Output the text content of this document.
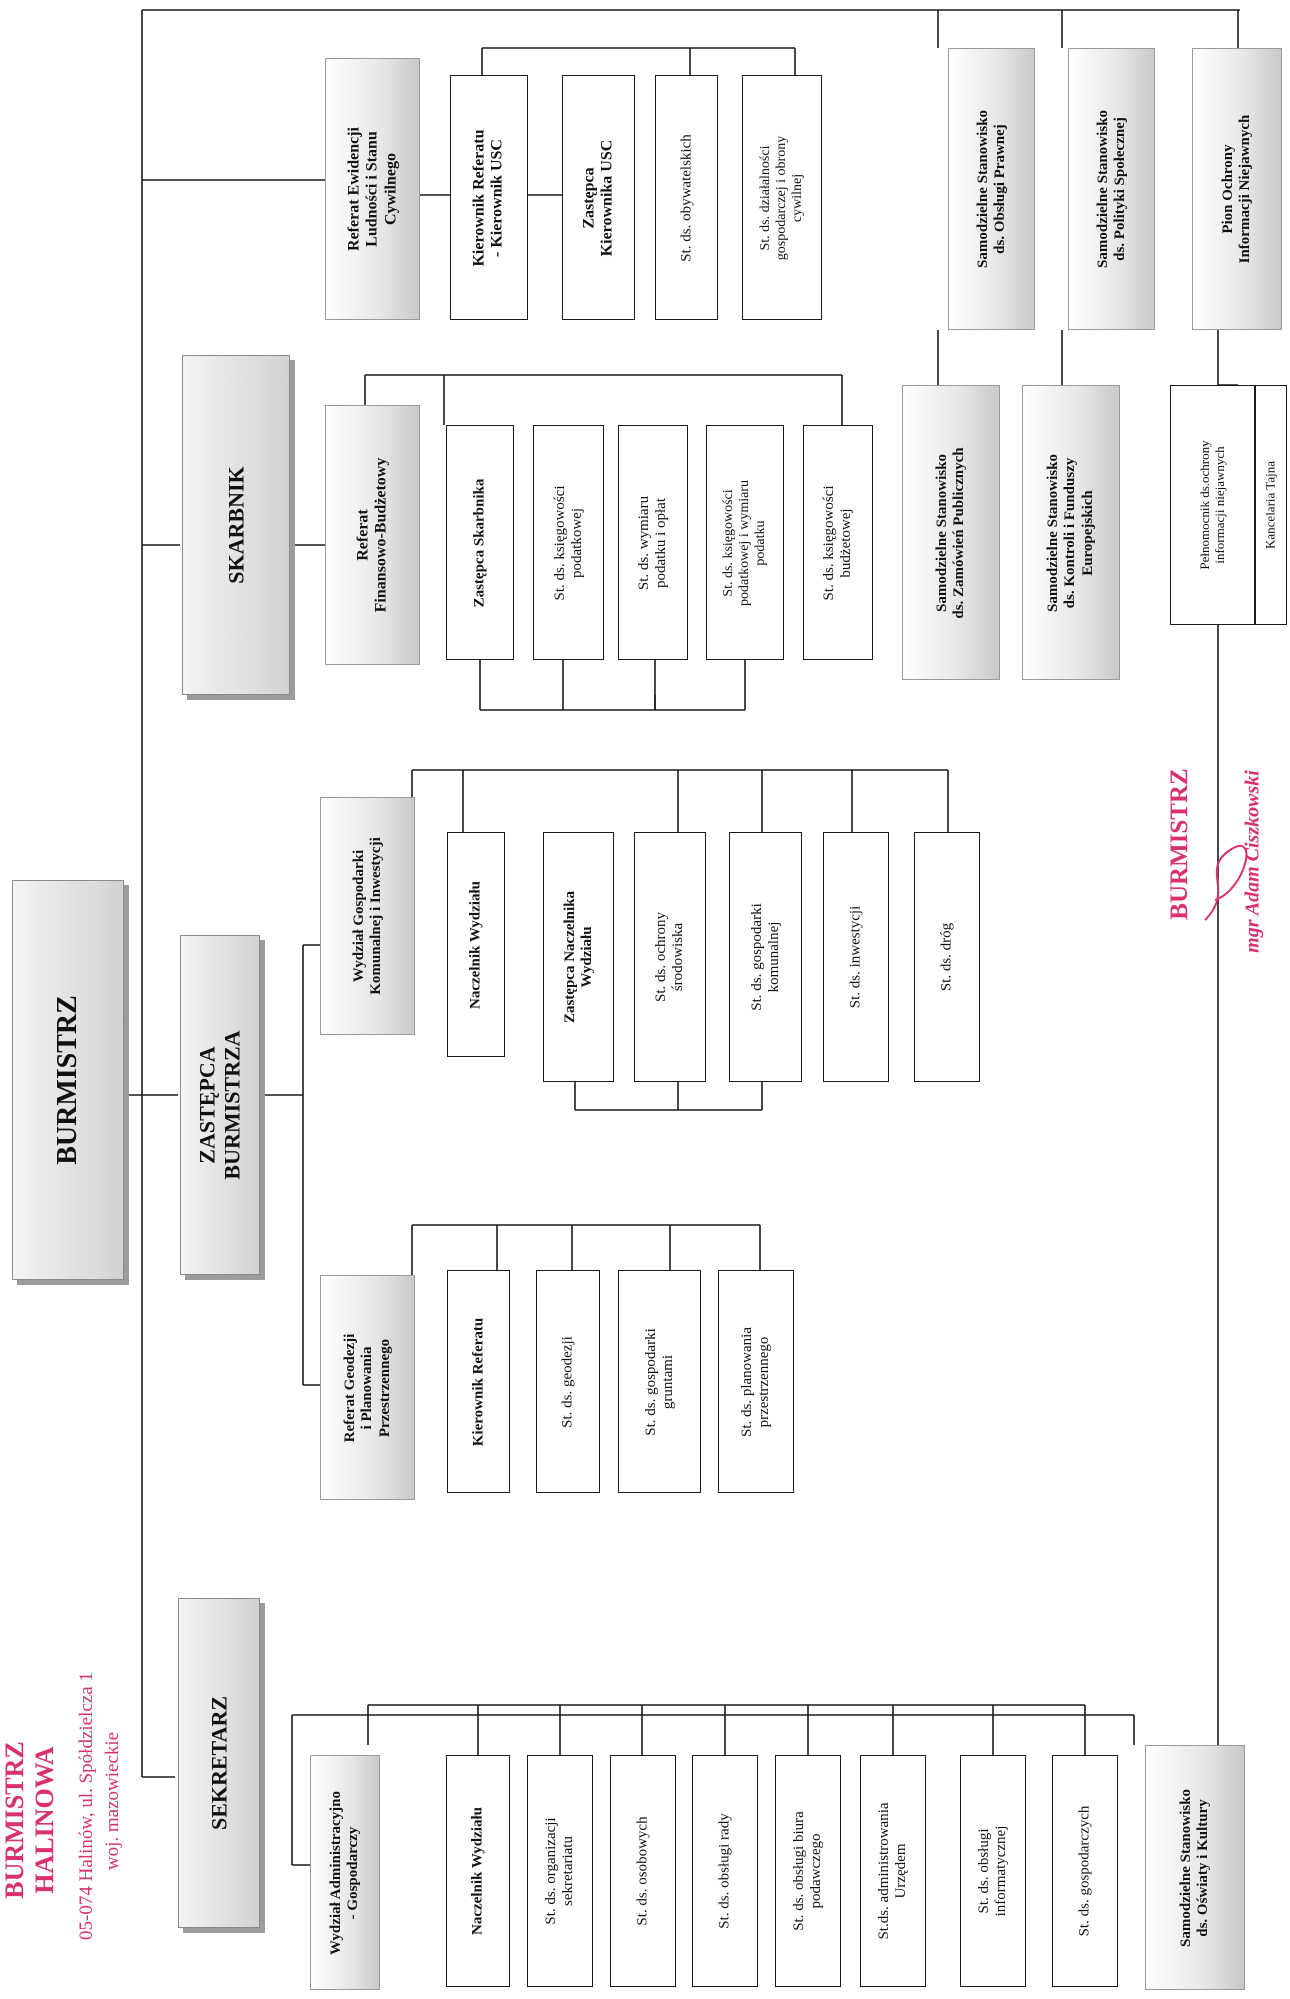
BURMISTRZ HALINOWA 05-074 Halinów, ul. Spółdzielcza 1 woj. mazowieckie
BURMISTRZ
SEKRETARZ
ZASTĘPCA
BURMISTRZA
SKARBNIK
Wydział Administracyjno
- Gospodarczy
Referat Geodezji
i Planowania
Przestrzennego
Wydział Gospodarki
Komunalnej i Inwestycji
Referat
Finansowo-Budżetowy
Referat Ewidencji
Ludności i Stanu
Cywilnego
Naczelnik Wydziału	St. ds. organizacji
sekretariatu	St. ds. osobowych	St. ds. obsługi rady	St. ds. obsługi biura
podawczego
St.ds. administrowania
Urzędem
St. ds. obsługi
informatycznej	St. ds. gospodarczych	Samodzielne Stanowisko
ds. Oświaty i Kultury
Kierownik Referatu	St. ds. geodezji	St. ds. gospodarki
gruntami
St. ds. planowania
przestrzennego
Naczelnik Wydziału	Zastępca Naczelnika
Wydziału
St. ds. ochrony
środowiska
St. ds. gospodarki
komunalnej	St. ds. inwestycji	St. ds. dróg
Zastępca Skarbnika	St. ds. księgowości
podatkowej
St. ds. wymiaru
podatku i opłat
St. ds. księgowości
podatkowej i wymiaru
podatku
St. ds. księgowości
budżetowej
Kierownik Referatu
- Kierownik USC
Zastępca
Kierownika USC	St. ds. obywatelskich	St. ds. działalności
gospodarczej i obrony
cywilnej	Samodzielne Stanowisko
ds. Obsługi Prawnej
Samodzielne Stanowisko
ds. Polityki Społecznej
Pion Ochrony
Informacji Niejawnych
Samodzielne Stanowisko
ds. Zamówień Publicznych
Samodzielne Stanowisko
ds. Kontroli i Funduszy
Europejskich	Pełnomocnik ds.ochrony
informacji niejawnych	Kancelaria Tajna
BURMISTRZ mgr Adam Ciszkowski
